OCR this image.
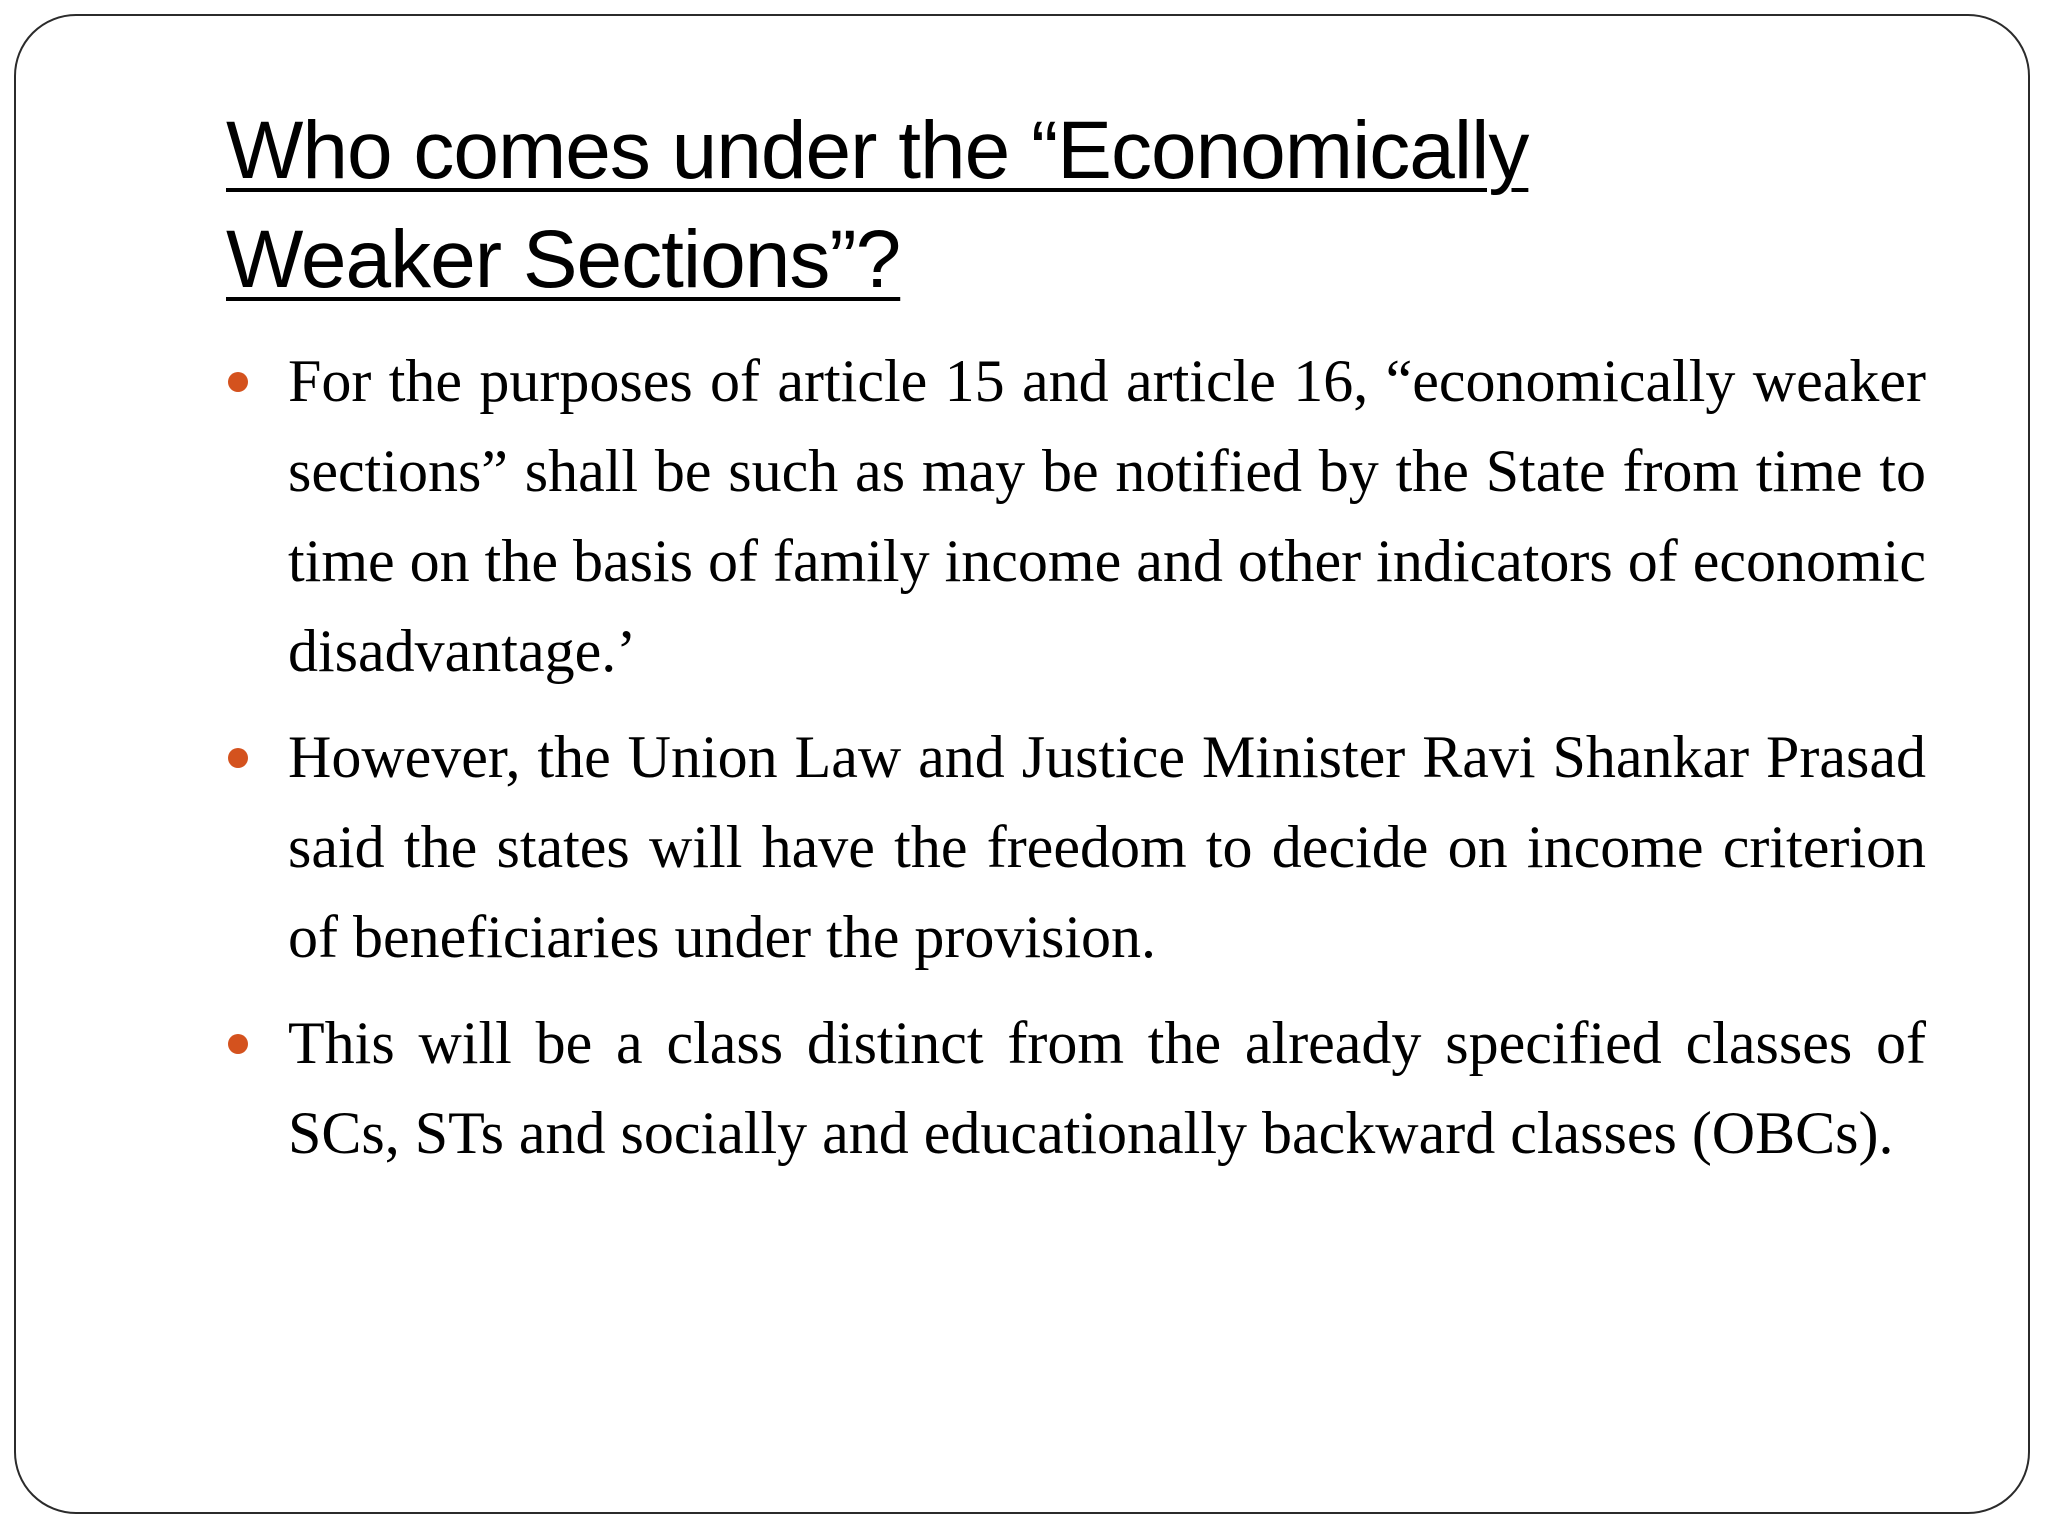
Who comes under the “Economically
Weaker Sections”?
For the purposes of article 15 and article 16, “economically weaker sections” shall be such as may be notified by the State from time to time on the basis of family income and other indicators of economic disadvantage.’
However, the Union Law and Justice Minister Ravi Shankar Prasad said the states will have the freedom to decide on income criterion of beneficiaries under the provision.
This will be a class distinct from the already specified classes of SCs, STs and socially and educationally backward classes (OBCs).
